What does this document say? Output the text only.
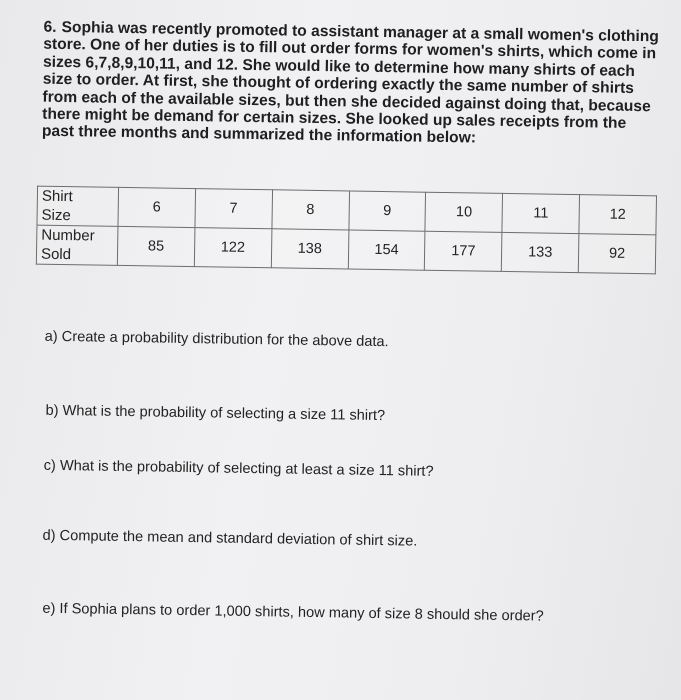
6. Sophia was recently promoted to assistant manager at a small women's clothing store. One of her duties is to fill out order forms for women's shirts, which come in sizes 6,7,8,9,10,11, and 12. She would like to determine how many shirts of each size to order. At first, she thought of ordering exactly the same number of shirts from each of the available sizes, but then she decided against doing that, because there might be demand for certain sizes. She looked up sales receipts from the past three months and summarized the information below:

Shirt
Size	6	7	8	9	10	11	12
Number
Sold	85	122	138	154	177	133	92

a) Create a probability distribution for the above data.

b) What is the probability of selecting a size 11 shirt?

c) What is the probability of selecting at least a size 11 shirt?

d) Compute the mean and standard deviation of shirt size.

e) If Sophia plans to order 1,000 shirts, how many of size 8 should she order?
